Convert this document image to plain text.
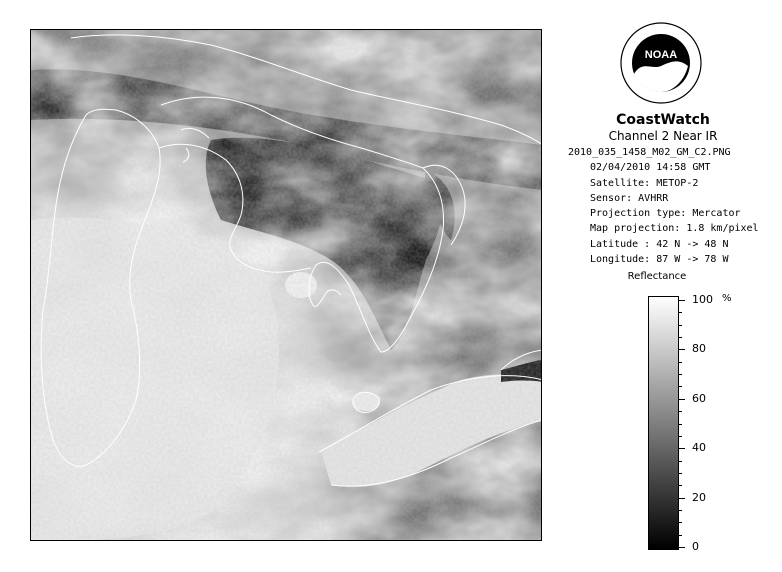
NOAA
CoastWatch
Channel 2 Near IR
2010_035_1458_M02_GM_C2.PNG
02/04/2010 14:58 GMT
Satellite: METOP-2
Sensor: AVHRR
Projection type: Mercator
Map projection: 1.8 km/pixel
Latitude : 42 N -> 48 N
Longitude: 87 W -> 78 W
Reflectance
%
0
20
40
60
80
100
